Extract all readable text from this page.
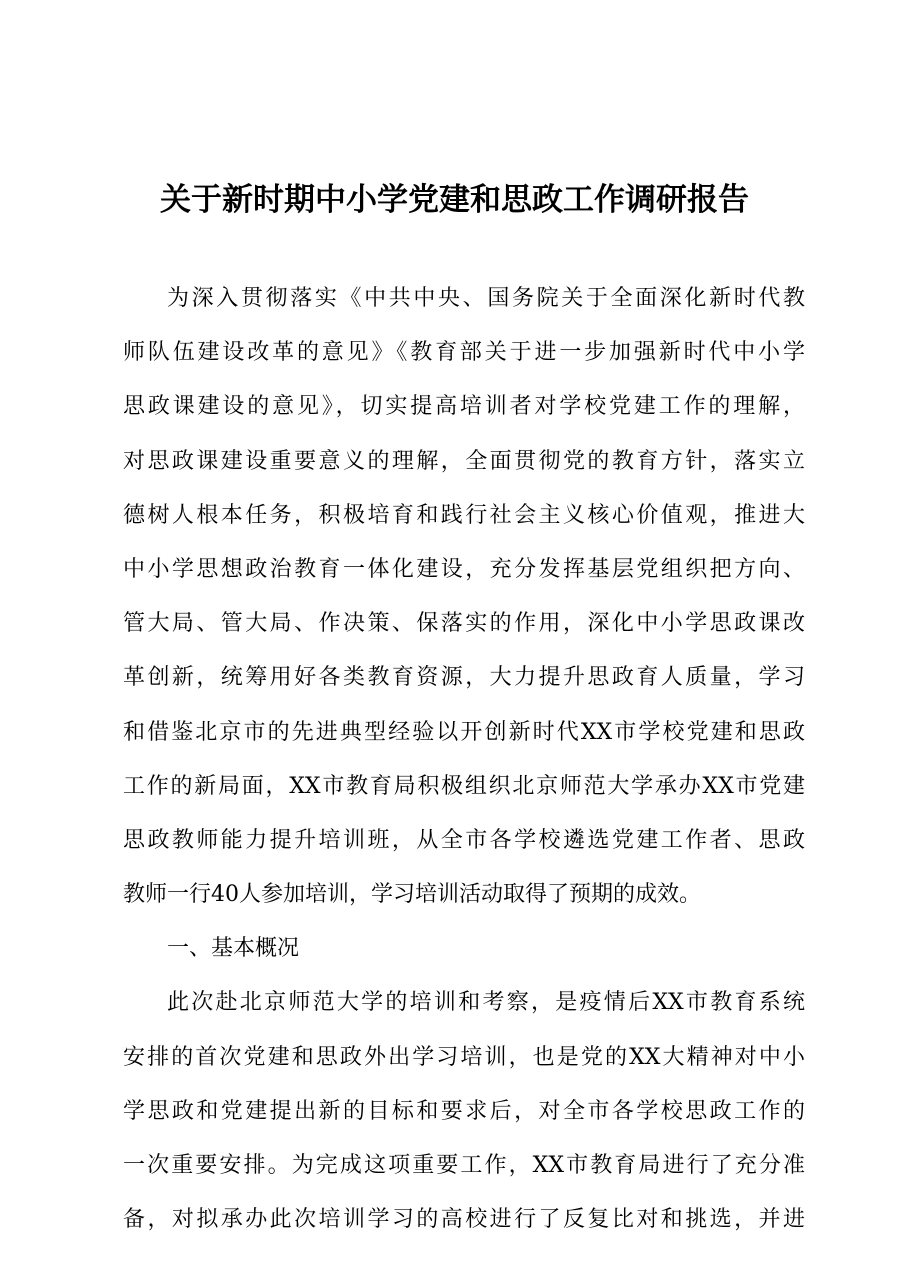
关于新时期中小学党建和思政工作调研报告
为深入贯彻落实《中共中央、国务院关于全面深化新时代教
师队伍建设改革的意见》《教育部关于进一步加强新时代中小学
思政课建设的意见》，切实提高培训者对学校党建工作的理解，
对思政课建设重要意义的理解，全面贯彻党的教育方针，落实立
德树人根本任务，积极培育和践行社会主义核心价值观，推进大
中小学思想政治教育一体化建设，充分发挥基层党组织把方向、
管大局、管大局、作决策、保落实的作用，深化中小学思政课改
革创新，统筹用好各类教育资源，大力提升思政育人质量，学习
和借鉴北京市的先进典型经验以开创新时代XX市学校党建和思政
工作的新局面，XX市教育局积极组织北京师范大学承办XX市党建
思政教师能力提升培训班，从全市各学校遴选党建工作者、思政
教师一行40人参加培训，学习培训活动取得了预期的成效。
一、基本概况
此次赴北京师范大学的培训和考察，是疫情后XX市教育系统
安排的首次党建和思政外出学习培训，也是党的XX大精神对中小
学思政和党建提出新的目标和要求后，对全市各学校思政工作的
一次重要安排。为完成这项重要工作，XX市教育局进行了充分准
备，对拟承办此次培训学习的高校进行了反复比对和挑选，并进
